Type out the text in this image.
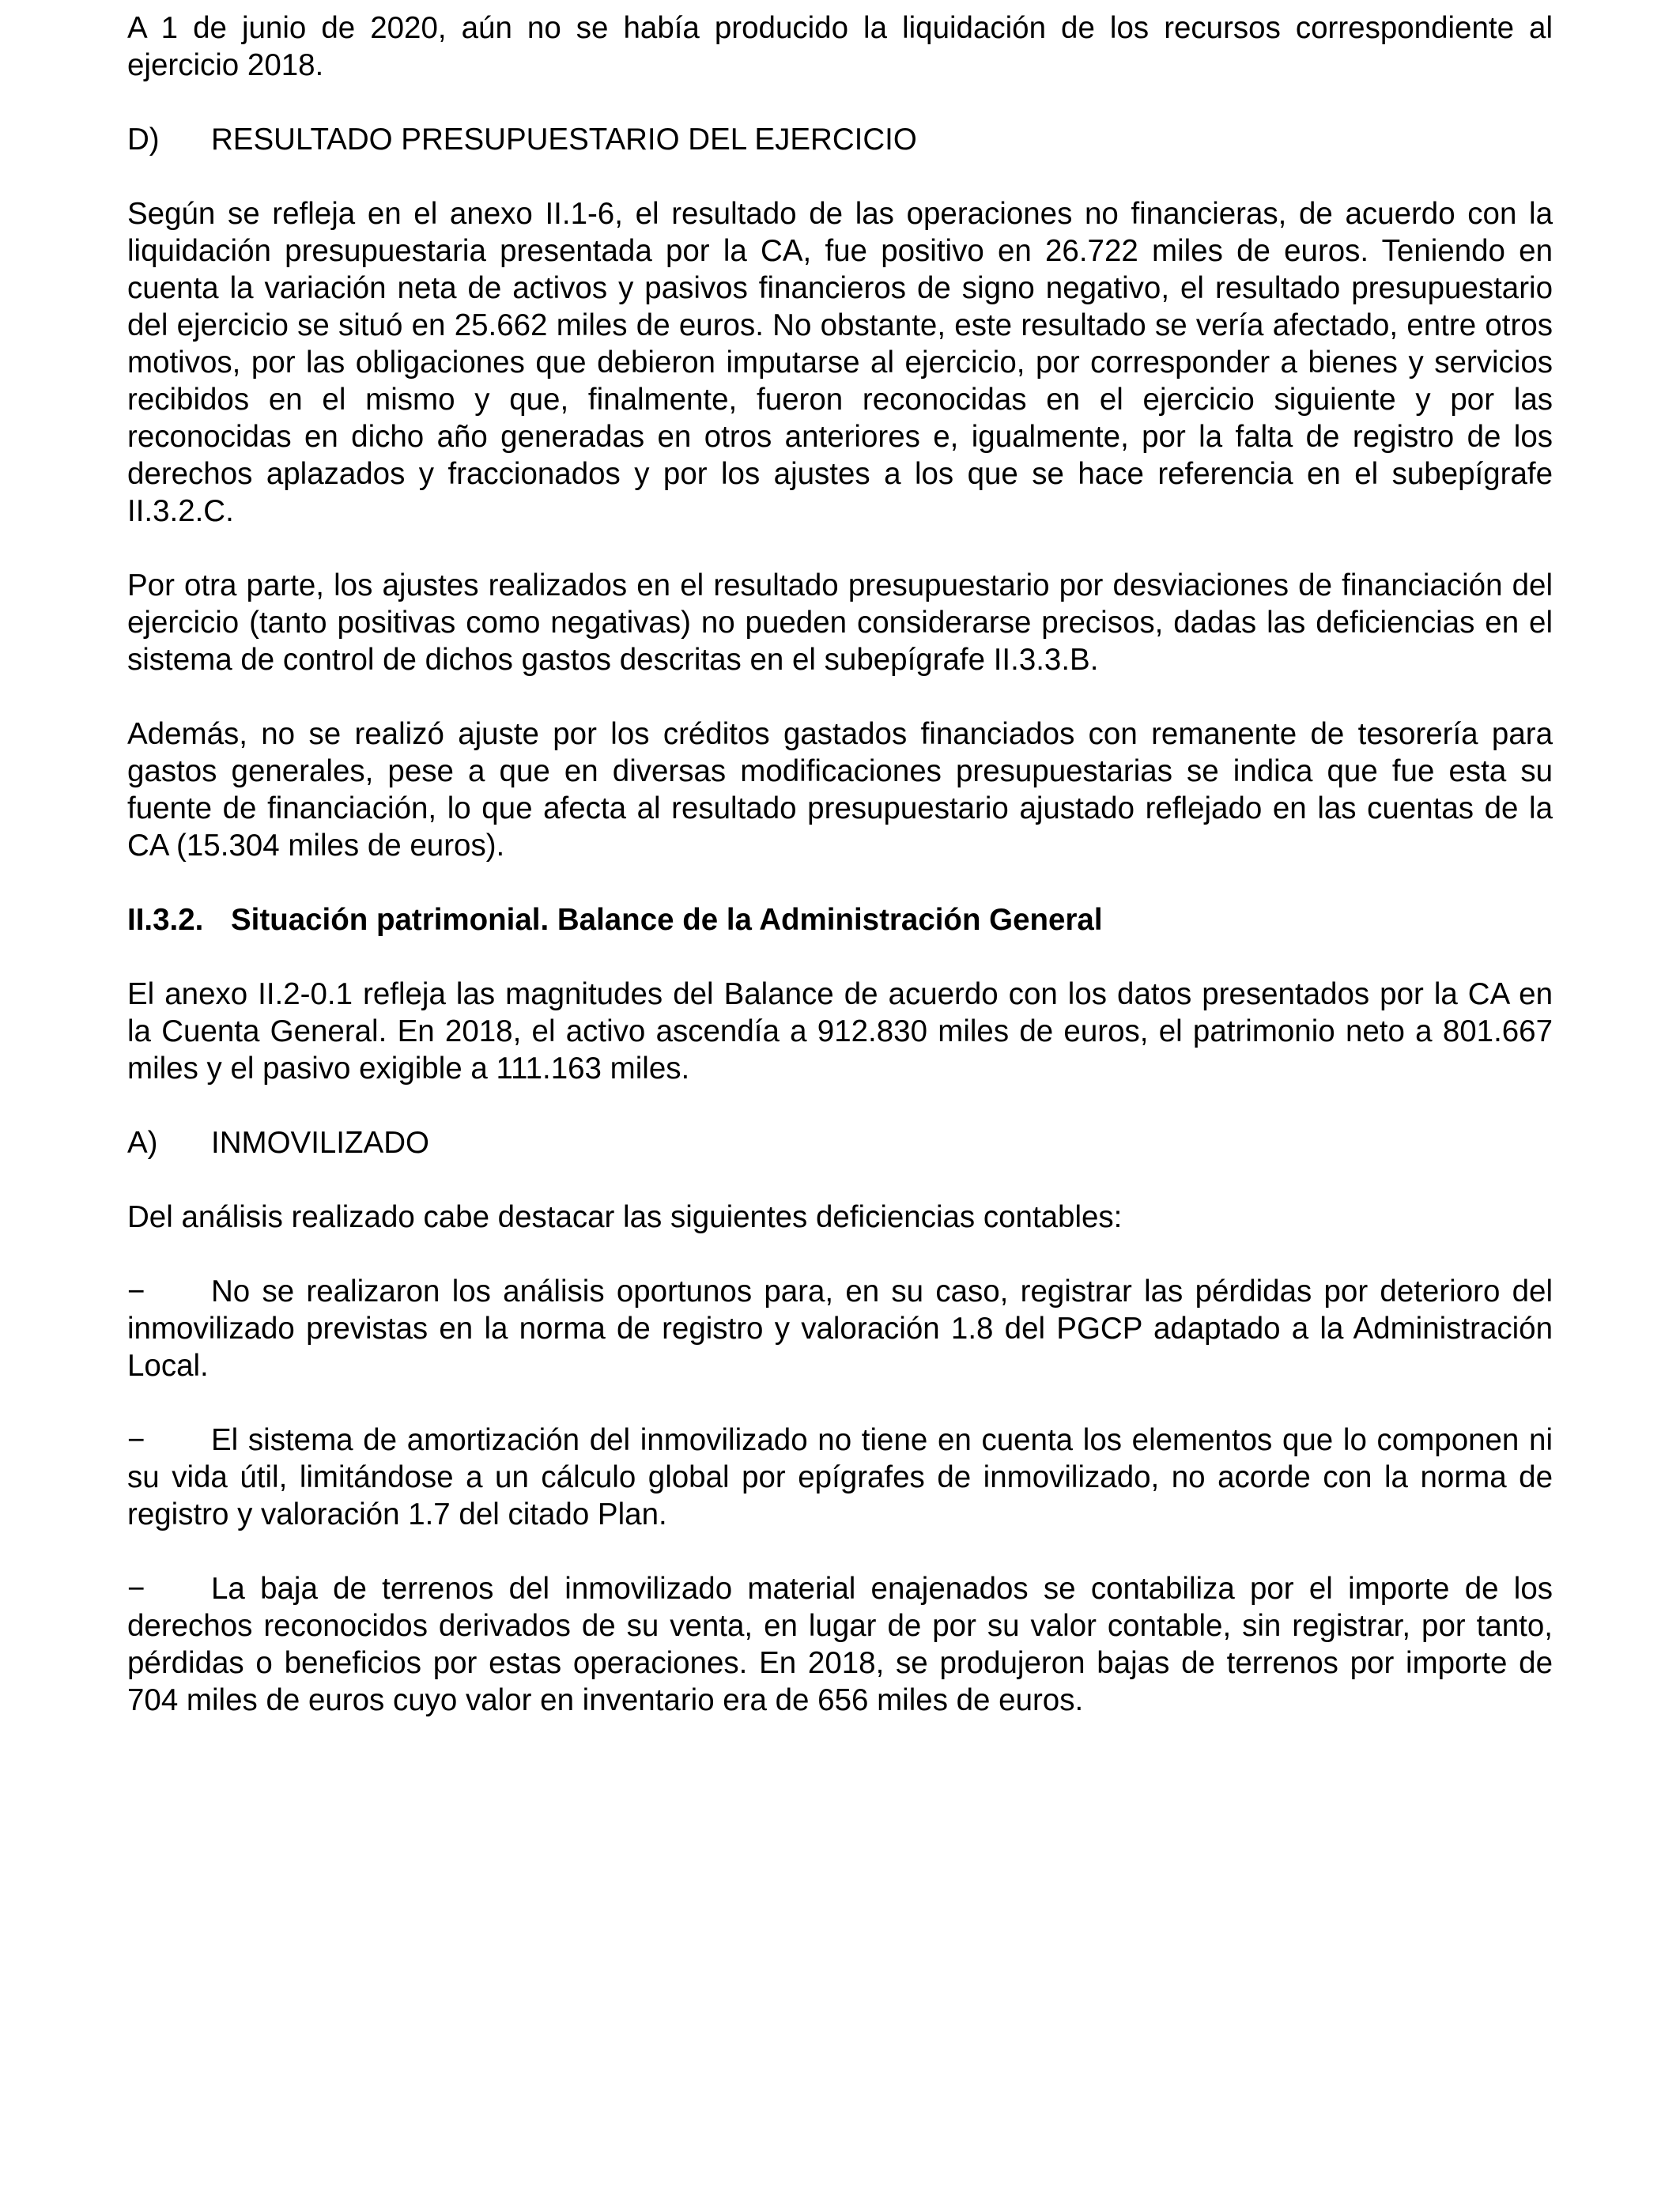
A 1 de junio de 2020, aún no se había producido la liquidación de los recursos correspondiente al ejercicio 2018.

D)	RESULTADO PRESUPUESTARIO DEL EJERCICIO

Según se refleja en el anexo II.1-6, el resultado de las operaciones no financieras, de acuerdo con la liquidación presupuestaria presentada por la CA, fue positivo en 26.722 miles de euros. Teniendo en cuenta la variación neta de activos y pasivos financieros de signo negativo, el resultado presupuestario del ejercicio se situó en 25.662 miles de euros. No obstante, este resultado se vería afectado, entre otros motivos, por las obligaciones que debieron imputarse al ejercicio, por corresponder a bienes y servicios recibidos en el mismo y que, finalmente, fueron reconocidas en el ejercicio siguiente y por las reconocidas en dicho año generadas en otros anteriores e, igualmente, por la falta de registro de los derechos aplazados y fraccionados y por los ajustes a los que se hace referencia en el subepígrafe II.3.2.C.

Por otra parte, los ajustes realizados en el resultado presupuestario por desviaciones de financiación del ejercicio (tanto positivas como negativas) no pueden considerarse precisos, dadas las deficiencias en el sistema de control de dichos gastos descritas en el subepígrafe II.3.3.B.

Además, no se realizó ajuste por los créditos gastados financiados con remanente de tesorería para gastos generales, pese a que en diversas modificaciones presupuestarias se indica que fue esta su fuente de financiación, lo que afecta al resultado presupuestario ajustado reflejado en las cuentas de la CA (15.304 miles de euros).

II.3.2. Situación patrimonial. Balance de la Administración General

El anexo II.2-0.1 refleja las magnitudes del Balance de acuerdo con los datos presentados por la CA en la Cuenta General. En 2018, el activo ascendía a 912.830 miles de euros, el patrimonio neto a 801.667 miles y el pasivo exigible a 111.163 miles.

A)	INMOVILIZADO

Del análisis realizado cabe destacar las siguientes deficiencias contables:

− No se realizaron los análisis oportunos para, en su caso, registrar las pérdidas por deterioro del inmovilizado previstas en la norma de registro y valoración 1.8 del PGCP adaptado a la Administración Local.
− El sistema de amortización del inmovilizado no tiene en cuenta los elementos que lo componen ni su vida útil, limitándose a un cálculo global por epígrafes de inmovilizado, no acorde con la norma de registro y valoración 1.7 del citado Plan.
− La baja de terrenos del inmovilizado material enajenados se contabiliza por el importe de los derechos reconocidos derivados de su venta, en lugar de por su valor contable, sin registrar, por tanto, pérdidas o beneficios por estas operaciones. En 2018, se produjeron bajas de terrenos por importe de 704 miles de euros cuyo valor en inventario era de 656 miles de euros.
